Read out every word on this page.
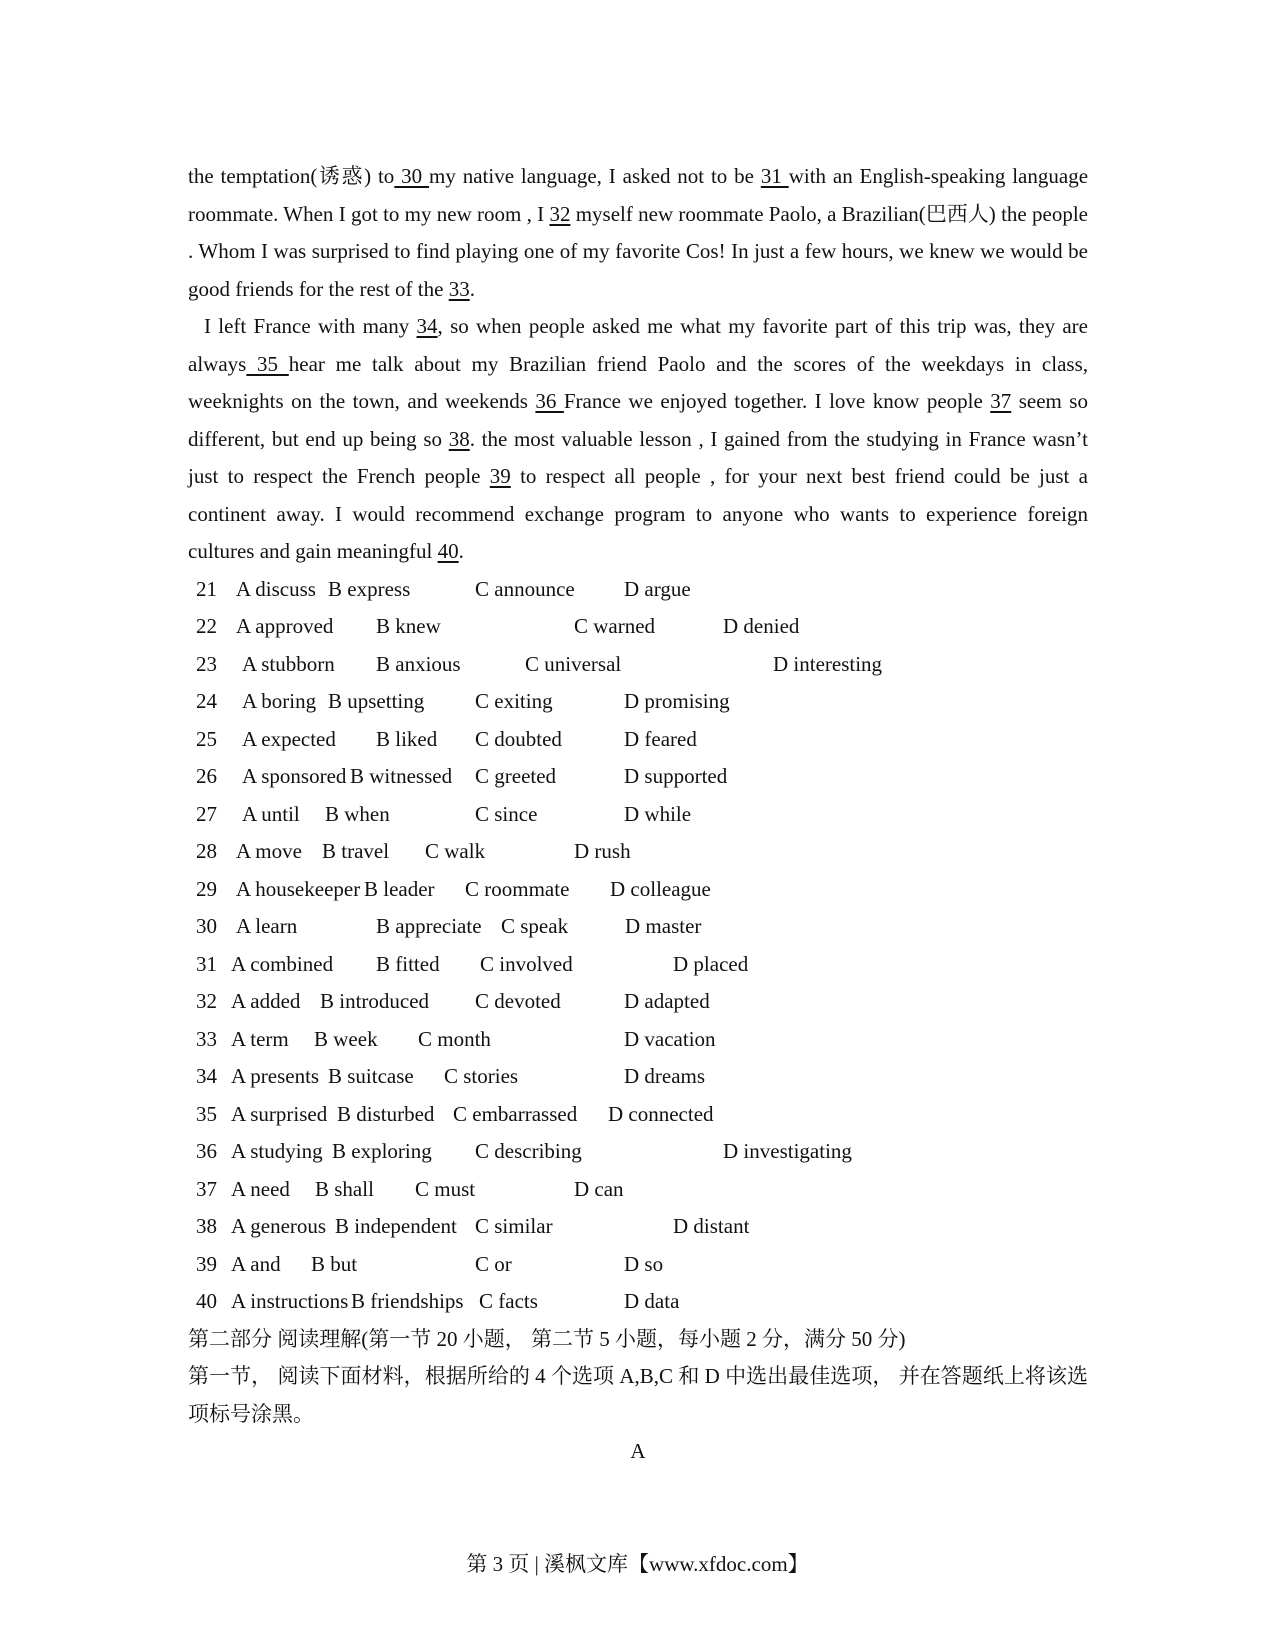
the temptation(诱惑) to 30 my native language, I asked not to be 31 with an English-speaking language roommate. When I got to my new room , I 32 myself new roommate Paolo, a Brazilian(巴西人) the people . Whom I was surprised to find playing one of my favorite Cos! In just a few hours, we knew we would be good friends for the rest of the 33.

I left France with many 34, so when people asked me what my favorite part of this trip was, they are always 35 hear me talk about my Brazilian friend Paolo and the scores of the weekdays in class, weeknights on the town, and weekends 36 France we enjoyed together. I love know people 37 seem so different, but end up being so 38. the most valuable lesson , I gained from the studying in France wasn’t just to respect the French people 39 to respect all people , for your next best friend could be just a continent away. I would recommend exchange program to anyone who wants to experience foreign cultures and gain meaningful 40.

21 A discuss B express	C announce D argue
22 A approved B knew	C warned	D denied
23 A stubborn B anxious	C universal	D interesting
24 A boring B upsetting C exiting	D promising
25 A expected B liked C doubted	D feared
26 A sponsored B witnessed C greeted	D supported
27 A until B when	C since	D while
28 A move B travel C walk	D rush
29 A housekeeper B leader C roommate D colleague
30 A learn	B appreciate C speak	D master
31 A combined B fitted C involved	D placed
32 A added B introduced C devoted	D adapted
33 A term B week C month	D vacation
34 A presents B suitcase C stories	D dreams
35 A surprised B disturbed C embarrassed D connected
36 A studying B exploring C describing	D investigating
37 A need B shall C must	D can
38 A generous B independent C similar	D distant
39 A and B but	C or	D so
40 A instructions B friendships C facts	D data

第二部分 阅读理解(第一节 20 小题， 第二节 5 小题，每小题 2 分，满分 50 分)

第一节， 阅读下面材料，根据所给的 4 个选项 A,B,C 和 D 中选出最佳选项， 并在答题纸上将该选项标号涂黑。

A

第 3 页 | 溪枫文库【www.xfdoc.com】
